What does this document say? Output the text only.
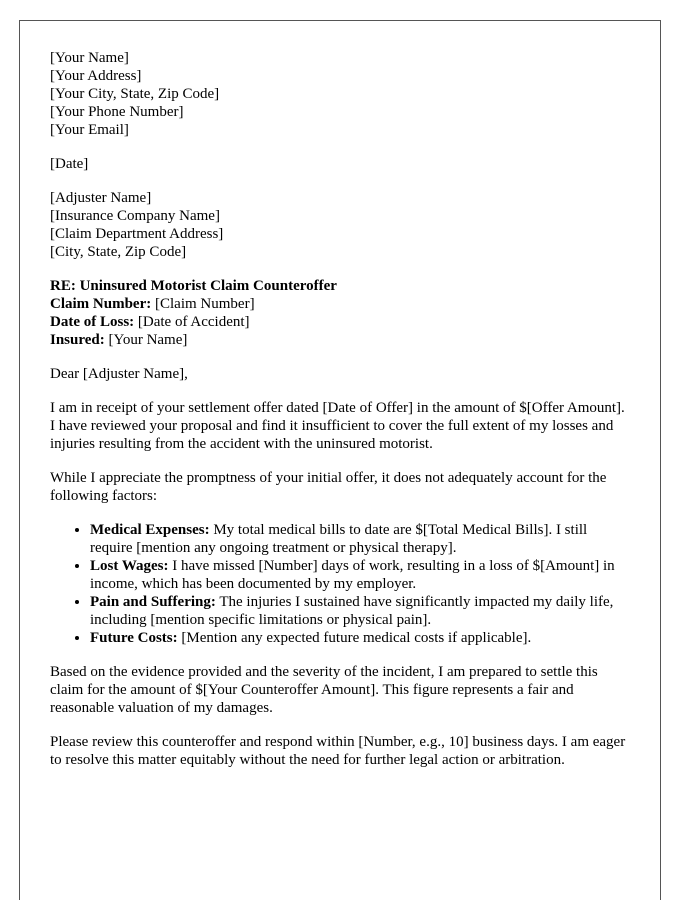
[Your Name]
[Your Address]
[Your City, State, Zip Code]
[Your Phone Number]
[Your Email]

[Date]

[Adjuster Name]
[Insurance Company Name]
[Claim Department Address]
[City, State, Zip Code]
RE: Uninsured Motorist Claim Counteroffer
Claim Number: [Claim Number]
Date of Loss: [Date of Accident]
Insured: [Your Name]

Dear [Adjuster Name],

I am in receipt of your settlement offer dated [Date of Offer] in the amount of $[Offer Amount]. I have reviewed your proposal and find it insufficient to cover the full extent of my losses and injuries resulting from the accident with the uninsured motorist.

While I appreciate the promptness of your initial offer, it does not adequately account for the following factors:

• Medical Expenses: My total medical bills to date are $[Total Medical Bills]. I still require [mention any ongoing treatment or physical therapy].
• Lost Wages: I have missed [Number] days of work, resulting in a loss of $[Amount] in income, which has been documented by my employer.
• Pain and Suffering: The injuries I sustained have significantly impacted my daily life, including [mention specific limitations or physical pain].
• Future Costs: [Mention any expected future medical costs if applicable].

Based on the evidence provided and the severity of the incident, I am prepared to settle this claim for the amount of $[Your Counteroffer Amount]. This figure represents a fair and reasonable valuation of my damages.

Please review this counteroffer and respond within [Number, e.g., 10] business days. I am eager to resolve this matter equitably without the need for further legal action or arbitration.
